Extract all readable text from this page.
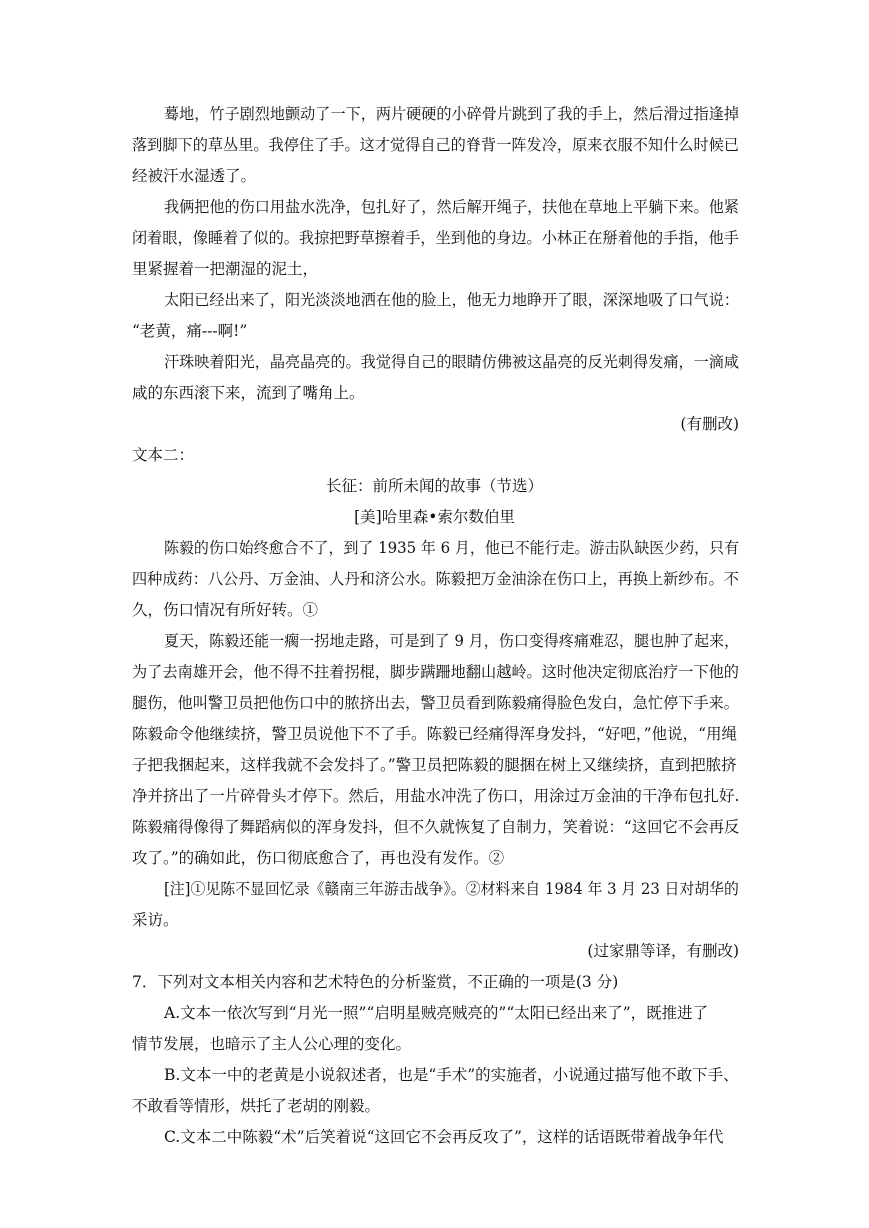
蓦地，竹子剧烈地颤动了一下，两片硬硬的小碎骨片跳到了我的手上，然后滑过指逢掉
落到脚下的草丛里。我停住了手。这才觉得自己的脊背一阵发冷，原来衣服不知什么时候已
经被汗水湿透了。
我俩把他的伤口用盐水洗净，包扎好了，然后解开绳子，扶他在草地上平躺下来。他紧
闭着眼，像睡着了似的。我掠把野草擦着手，坐到他的身边。小林正在掰着他的手指，他手
里紧握着一把潮湿的泥土，
太阳已经出来了，阳光淡淡地洒在他的脸上，他无力地睁开了眼，深深地吸了口气说：
“老黄，痛---啊!”
汗珠映着阳光，晶亮晶亮的。我觉得自己的眼睛仿佛被这晶亮的反光刺得发痛，一滴咸
咸的东西滚下来，流到了嘴角上。
(有删改)
文本二：
长征：前所未闻的故事（节选）
[美]哈里森•索尔数伯里
陈毅的伤口始终愈合不了，到了 1935 年 6 月，他已不能行走。游击队缺医少药，只有
四种成药：八公丹、万金油、人丹和济公水。陈毅把万金油涂在伤口上，再换上新纱布。不
久，伤口情况有所好转。①
夏天，陈毅还能一瘸一拐地走路，可是到了 9 月，伤口变得疼痛难忍，腿也肿了起来，
为了去南雄开会，他不得不拄着拐棍，脚步蹒跚地翻山越岭。这时他决定彻底治疗一下他的
腿伤，他叫警卫员把他伤口中的脓挤出去，警卫员看到陈毅痛得脸色发白，急忙停下手来。
陈毅命令他继续挤，警卫员说他下不了手。陈毅已经痛得浑身发抖，“好吧，”他说，“用绳
子把我捆起来，这样我就不会发抖了。”警卫员把陈毅的腿捆在树上又继续挤，直到把脓挤
净并挤出了一片碎骨头才停下。然后，用盐水冲洗了伤口，用涂过万金油的干净布包扎好.
陈毅痛得像得了舞蹈病似的浑身发抖，但不久就恢复了自制力，笑着说：“这回它不会再反
攻了。”的确如此，伤口彻底愈合了，再也没有发作。②
[注]①见陈不显回忆录《赣南三年游击战争》。②材料来自 1984 年 3 月 23 日对胡华的
采访。
(过家鼎等译，有删改)
7．下列对文本相关内容和艺术特色的分析鉴赏，不正确的一项是(3 分)
A.文本一依次写到“月光一照”“启明星贼亮贼亮的”“太阳已经出来了”，既推进了
情节发展，也暗示了主人公心理的变化。
B.文本一中的老黄是小说叙述者，也是“手术”的实施者，小说通过描写他不敢下手、
不敢看等情形，烘托了老胡的刚毅。
C.文本二中陈毅“术”后笑着说“这回它不会再反攻了”，这样的话语既带着战争年代
